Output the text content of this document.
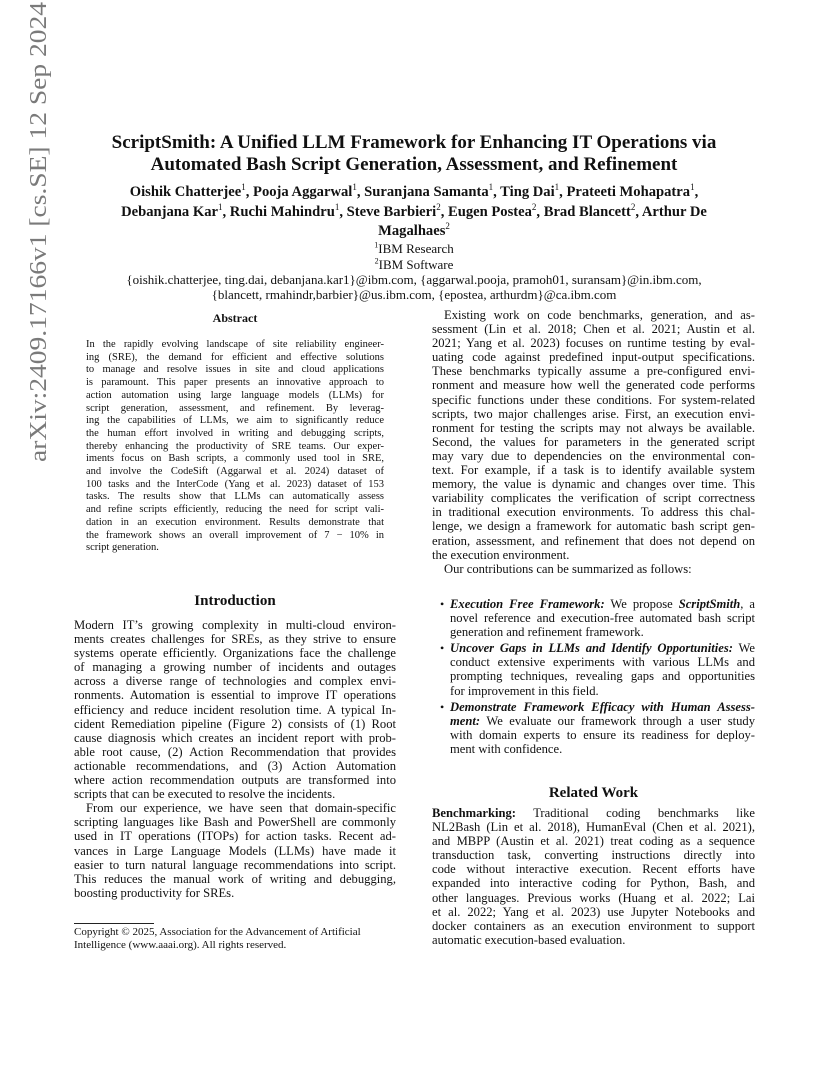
arXiv:2409.17166v1 [cs.SE] 12 Sep 2024	ScriptSmith: A Unified LLM Framework for Enhancing IT Operations via
Automated Bash Script Generation, Assessment, and Refinement
Oishik Chatterjee$^1$, Pooja Aggarwal$^1$, Suranjana Samanta$^1$, Ting Dai$^1$, Prateeti Mohapatra$^1$,
Debanjana Kar$^1$, Ruchi Mahindru$^1$, Steve Barbieri$^2$, Eugen Postea$^2$, Brad Blancett$^2$, Arthur De
Magalhaes$^2$
$^1$IBM Research
$^2$IBM Software
{oishik.chatterjee, ting.dai, debanjana.kar1}@ibm.com, {aggarwal.pooja, pramoh01, suransam}@in.ibm.com,
{blancett, rmahindr,barbier}@us.ibm.com, {epostea, arthurdm}@ca.ibm.com
Abstract
In the rapidly evolving landscape of site reliability engineer-
ing (SRE), the demand for efficient and effective solutions
to manage and resolve issues in site and cloud applications
is paramount. This paper presents an innovative approach to
action automation using large language models (LLMs) for
script generation, assessment, and refinement. By leverag-
ing the capabilities of LLMs, we aim to significantly reduce
the human effort involved in writing and debugging scripts,
thereby enhancing the productivity of SRE teams. Our exper-
iments focus on Bash scripts, a commonly used tool in SRE,
and involve the CodeSift (Aggarwal et al. 2024) dataset of
100 tasks and the InterCode (Yang et al. 2023) dataset of 153
tasks. The results show that LLMs can automatically assess
and refine scripts efficiently, reducing the need for script vali-
dation in an execution environment. Results demonstrate that
the framework shows an overall improvement of 7 − 10% in
script generation.
Introduction
Modern IT’s growing complexity in multi-cloud environ-
ments creates challenges for SREs, as they strive to ensure
systems operate efficiently. Organizations face the challenge
of managing a growing number of incidents and outages
across a diverse range of technologies and complex envi-
ronments. Automation is essential to improve IT operations
efficiency and reduce incident resolution time. A typical In-
cident Remediation pipeline (Figure 2) consists of (1) Root
cause diagnosis which creates an incident report with prob-
able root cause, (2) Action Recommendation that provides
actionable recommendations, and (3) Action Automation
where action recommendation outputs are transformed into
scripts that can be executed to resolve the incidents.
From our experience, we have seen that domain-specific
scripting languages like Bash and PowerShell are commonly
used in IT operations (ITOPs) for action tasks. Recent ad-
vances in Large Language Models (LLMs) have made it
easier to turn natural language recommendations into script.
This reduces the manual work of writing and debugging,
boosting productivity for SREs.
Copyright © 2025, Association for the Advancement of Artificial
Intelligence (www.aaai.org). All rights reserved.
Existing work on code benchmarks, generation, and as-
sessment (Lin et al. 2018; Chen et al. 2021; Austin et al.
2021; Yang et al. 2023) focuses on runtime testing by eval-
uating code against predefined input-output specifications.
These benchmarks typically assume a pre-configured envi-
ronment and measure how well the generated code performs
specific functions under these conditions. For system-related
scripts, two major challenges arise. First, an execution envi-
ronment for testing the scripts may not always be available.
Second, the values for parameters in the generated script
may vary due to dependencies on the environmental con-
text. For example, if a task is to identify available system
memory, the value is dynamic and changes over time. This
variability complicates the verification of script correctness
in traditional execution environments. To address this chal-
lenge, we design a framework for automatic bash script gen-
eration, assessment, and refinement that does not depend on
the execution environment.
Our contributions can be summarized as follows:
• Execution Free Framework: We propose ScriptSmith, a
novel reference and execution-free automated bash script
generation and refinement framework.
• Uncover Gaps in LLMs and Identify Opportunities: We
conduct extensive experiments with various LLMs and
prompting techniques, revealing gaps and opportunities
for improvement in this field.
• Demonstrate Framework Efficacy with Human Assess-
ment: We evaluate our framework through a user study
with domain experts to ensure its readiness for deploy-
ment with confidence.
Related Work
Benchmarking: Traditional coding benchmarks like
NL2Bash (Lin et al. 2018), HumanEval (Chen et al. 2021),
and MBPP (Austin et al. 2021) treat coding as a sequence
transduction task, converting instructions directly into
code without interactive execution. Recent efforts have
expanded into interactive coding for Python, Bash, and
other languages. Previous works (Huang et al. 2022; Lai
et al. 2022; Yang et al. 2023) use Jupyter Notebooks and
docker containers as an execution environment to support
automatic execution-based evaluation.
